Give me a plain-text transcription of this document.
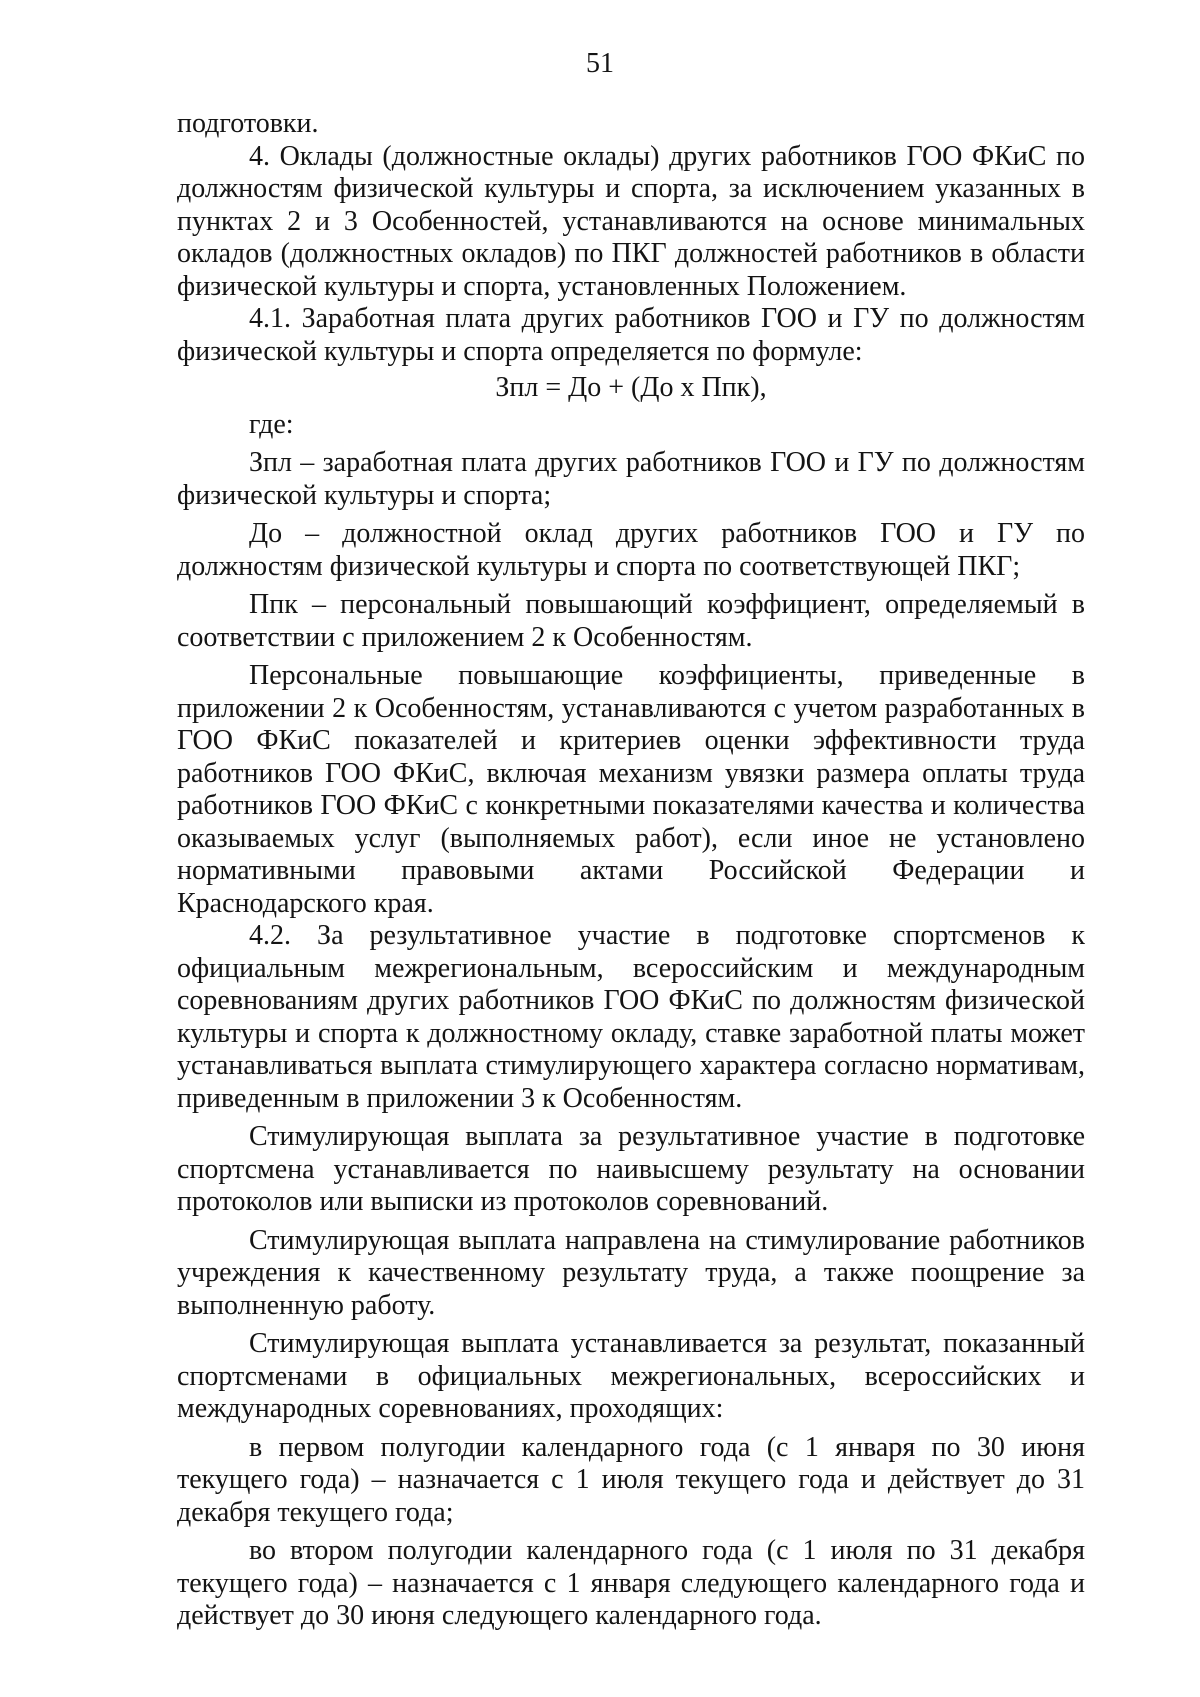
51

подготовки.

4. Оклады (должностные оклады) других работников ГОО ФКиС по должностям физической культуры и спорта, за исключением указанных в пунктах 2 и 3 Особенностей, устанавливаются на основе минимальных окладов (должностных окладов) по ПКГ должностей работников в области физической культуры и спорта, установленных Положением.

4.1. Заработная плата других работников ГОО и ГУ по должностям физической культуры и спорта определяется по формуле:

Зпл = До + (До х Ппк),

где:

Зпл – заработная плата других работников ГОО и ГУ по должностям физической культуры и спорта;

До – должностной оклад других работников ГОО и ГУ по должностям физической культуры и спорта по соответствующей ПКГ;

Ппк – персональный повышающий коэффициент, определяемый в соответствии с приложением 2 к Особенностям.

Персональные повышающие коэффициенты, приведенные в приложении 2 к Особенностям, устанавливаются с учетом разработанных в ГОО ФКиС показателей и критериев оценки эффективности труда работников ГОО ФКиС, включая механизм увязки размера оплаты труда работников ГОО ФКиС с конкретными показателями качества и количества оказываемых услуг (выполняемых работ), если иное не установлено нормативными правовыми актами Российской Федерации и Краснодарского края.

4.2. За результативное участие в подготовке спортсменов к официальным межрегиональным, всероссийским и международным соревнованиям других работников ГОО ФКиС по должностям физической культуры и спорта к должностному окладу, ставке заработной платы может устанавливаться выплата стимулирующего характера согласно нормативам, приведенным в приложении 3 к Особенностям.

Стимулирующая выплата за результативное участие в подготовке спортсмена устанавливается по наивысшему результату на основании протоколов или выписки из протоколов соревнований.

Стимулирующая выплата направлена на стимулирование работников учреждения к качественному результату труда, а также поощрение за выполненную работу.

Стимулирующая выплата устанавливается за результат, показанный спортсменами в официальных межрегиональных, всероссийских и международных соревнованиях, проходящих:

в первом полугодии календарного года (с 1 января по 30 июня текущего года) – назначается с 1 июля текущего года и действует до 31 декабря текущего года;

во втором полугодии календарного года (с 1 июля по 31 декабря текущего года) – назначается с 1 января следующего календарного года и действует до 30 июня следующего календарного года.
